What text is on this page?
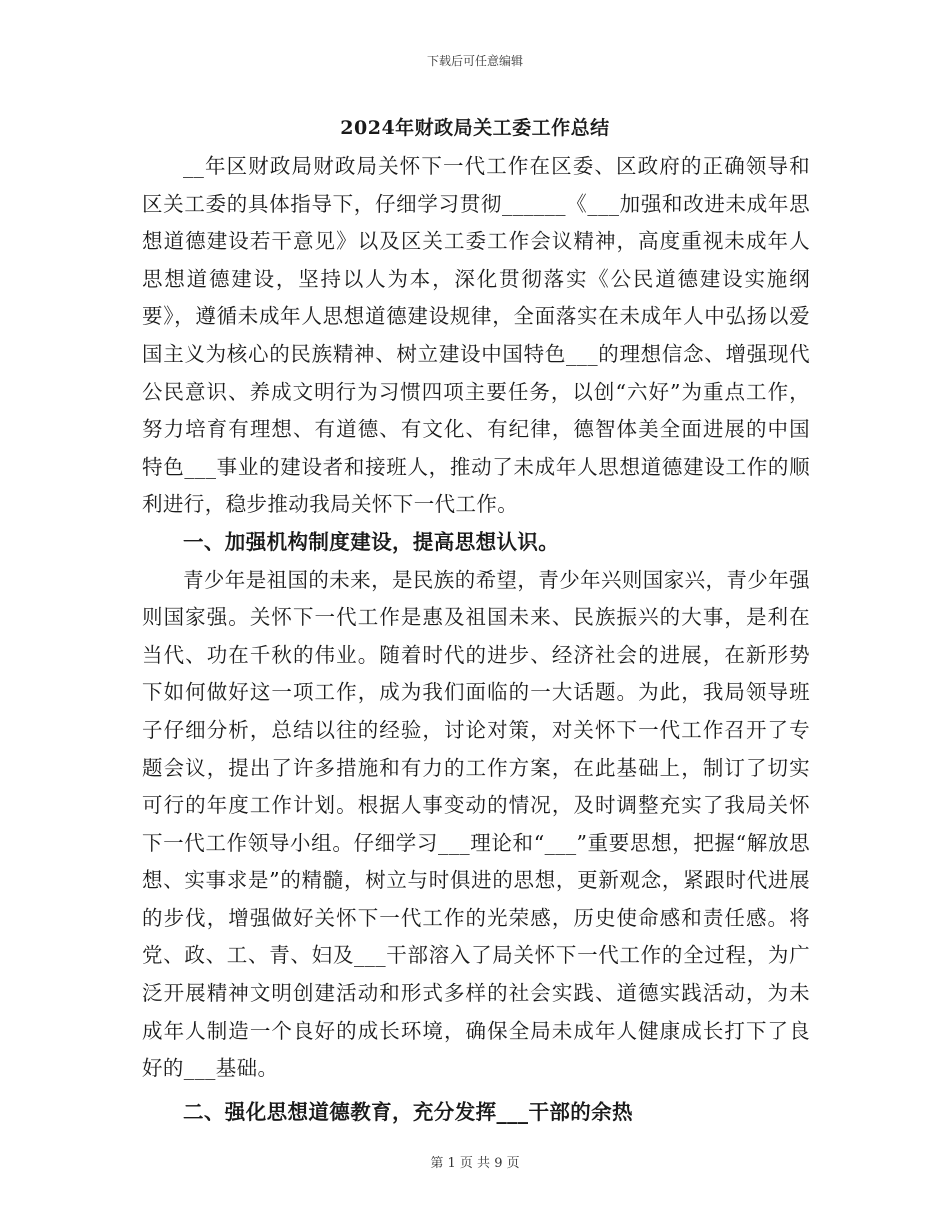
下载后可任意编辑
2024年财政局关工委工作总结

__年区财政局财政局关怀下一代工作在区委、区政府的正确领导和区关工委的具体指导下，仔细学习贯彻______《___加强和改进未成年思想道德建设若干意见》以及区关工委工作会议精神，高度重视未成年人思想道德建设，坚持以人为本，深化贯彻落实《公民道德建设实施纲要》，遵循未成年人思想道德建设规律，全面落实在未成年人中弘扬以爱国主义为核心的民族精神、树立建设中国特色___的理想信念、增强现代公民意识、养成文明行为习惯四项主要任务，以创“六好”为重点工作，努力培育有理想、有道德、有文化、有纪律，德智体美全面进展的中国特色___事业的建设者和接班人，推动了未成年人思想道德建设工作的顺利进行，稳步推动我局关怀下一代工作。

一、加强机构制度建设，提高思想认识。

青少年是祖国的未来，是民族的希望，青少年兴则国家兴，青少年强则国家强。关怀下一代工作是惠及祖国未来、民族振兴的大事，是利在当代、功在千秋的伟业。随着时代的进步、经济社会的进展，在新形势下如何做好这一项工作，成为我们面临的一大话题。为此，我局领导班子仔细分析，总结以往的经验，讨论对策，对关怀下一代工作召开了专题会议，提出了许多措施和有力的工作方案，在此基础上，制订了切实可行的年度工作计划。根据人事变动的情况，及时调整充实了我局关怀下一代工作领导小组。仔细学习___理论和“___”重要思想，把握“解放思想、实事求是”的精髓，树立与时俱进的思想，更新观念，紧跟时代进展的步伐，增强做好关怀下一代工作的光荣感，历史使命感和责任感。将党、政、工、青、妇及___干部溶入了局关怀下一代工作的全过程，为广泛开展精神文明创建活动和形式多样的社会实践、道德实践活动，为未成年人制造一个良好的成长环境，确保全局未成年人健康成长打下了良好的___基础。

二、强化思想道德教育，充分发挥___干部的余热

第 1 页 共 9 页
